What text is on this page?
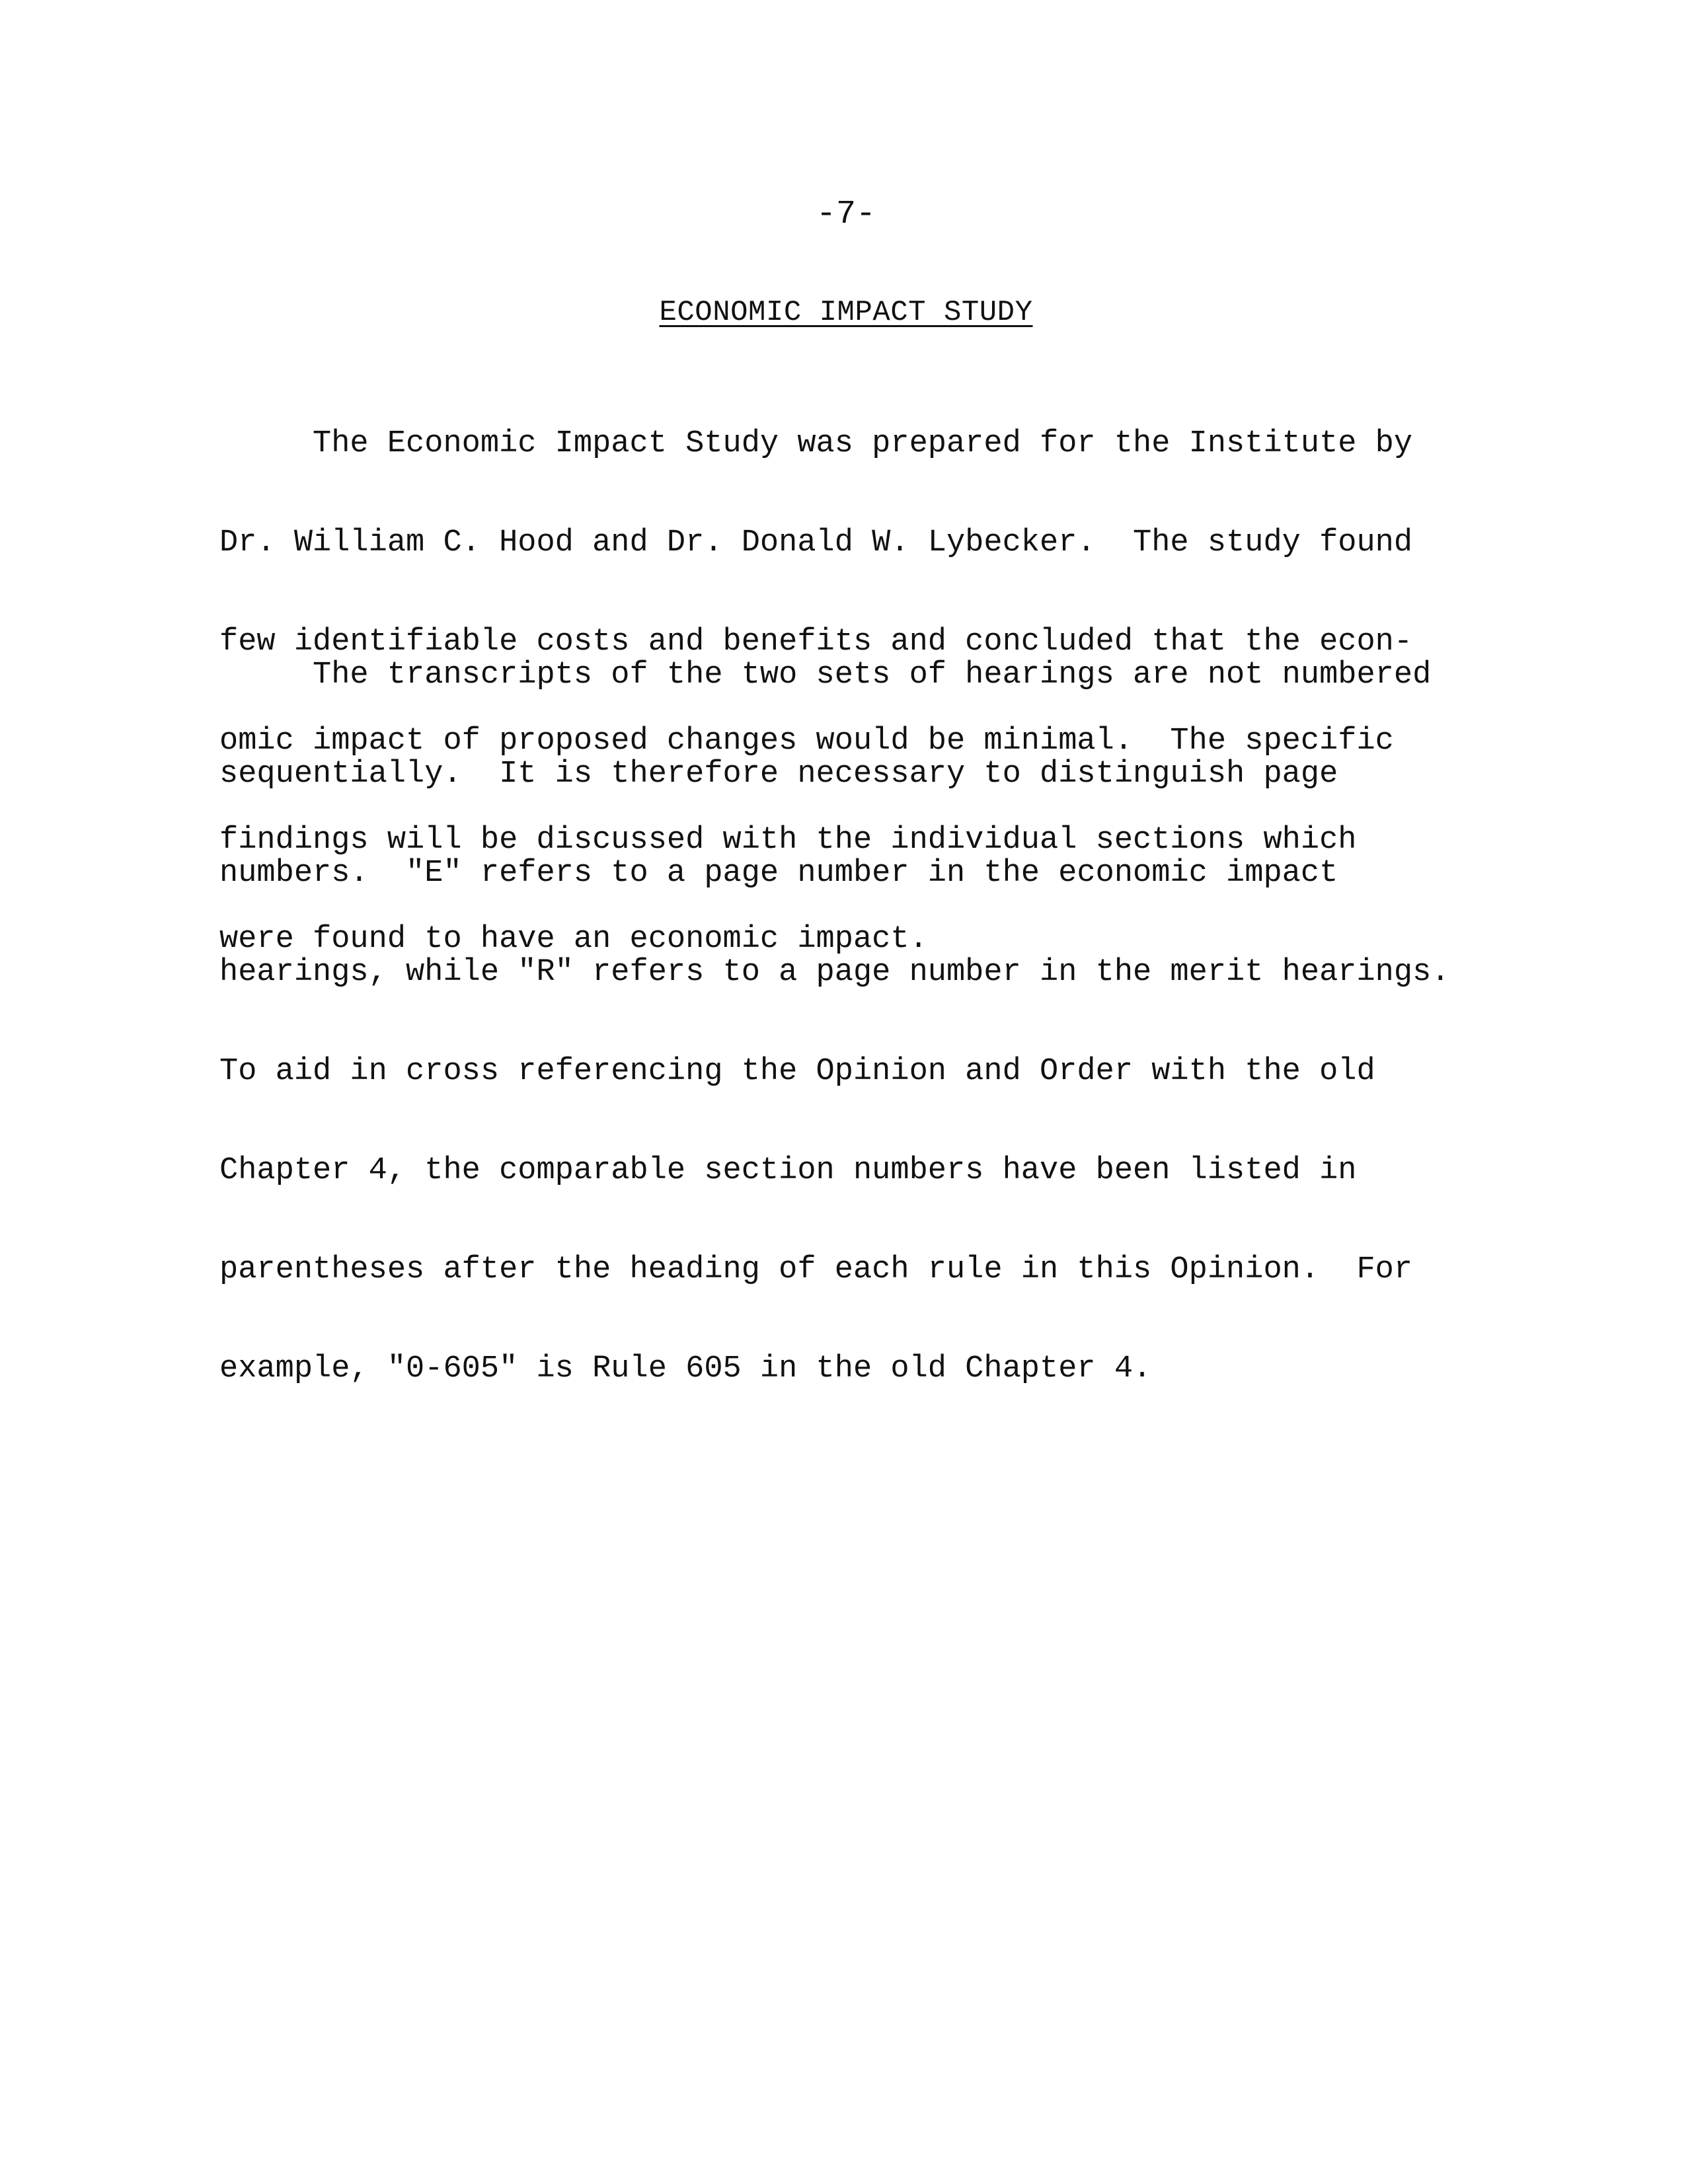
-7-
ECONOMIC IMPACT STUDY

The Economic Impact Study was prepared for the Institute by

Dr. William C. Hood and Dr. Donald W. Lybecker.  The study found

few identifiable costs and benefits and concluded that the econ-

omic impact of proposed changes would be minimal.  The specific

findings will be discussed with the individual sections which

were found to have an economic impact.

The transcripts of the two sets of hearings are not numbered

sequentially.  It is therefore necessary to distinguish page

numbers.  "E" refers to a page number in the economic impact

hearings, while "R" refers to a page number in the merit hearings.

To aid in cross referencing the Opinion and Order with the old

Chapter 4, the comparable section numbers have been listed in

parentheses after the heading of each rule in this Opinion.  For

example, "0-605" is Rule 605 in the old Chapter 4.
